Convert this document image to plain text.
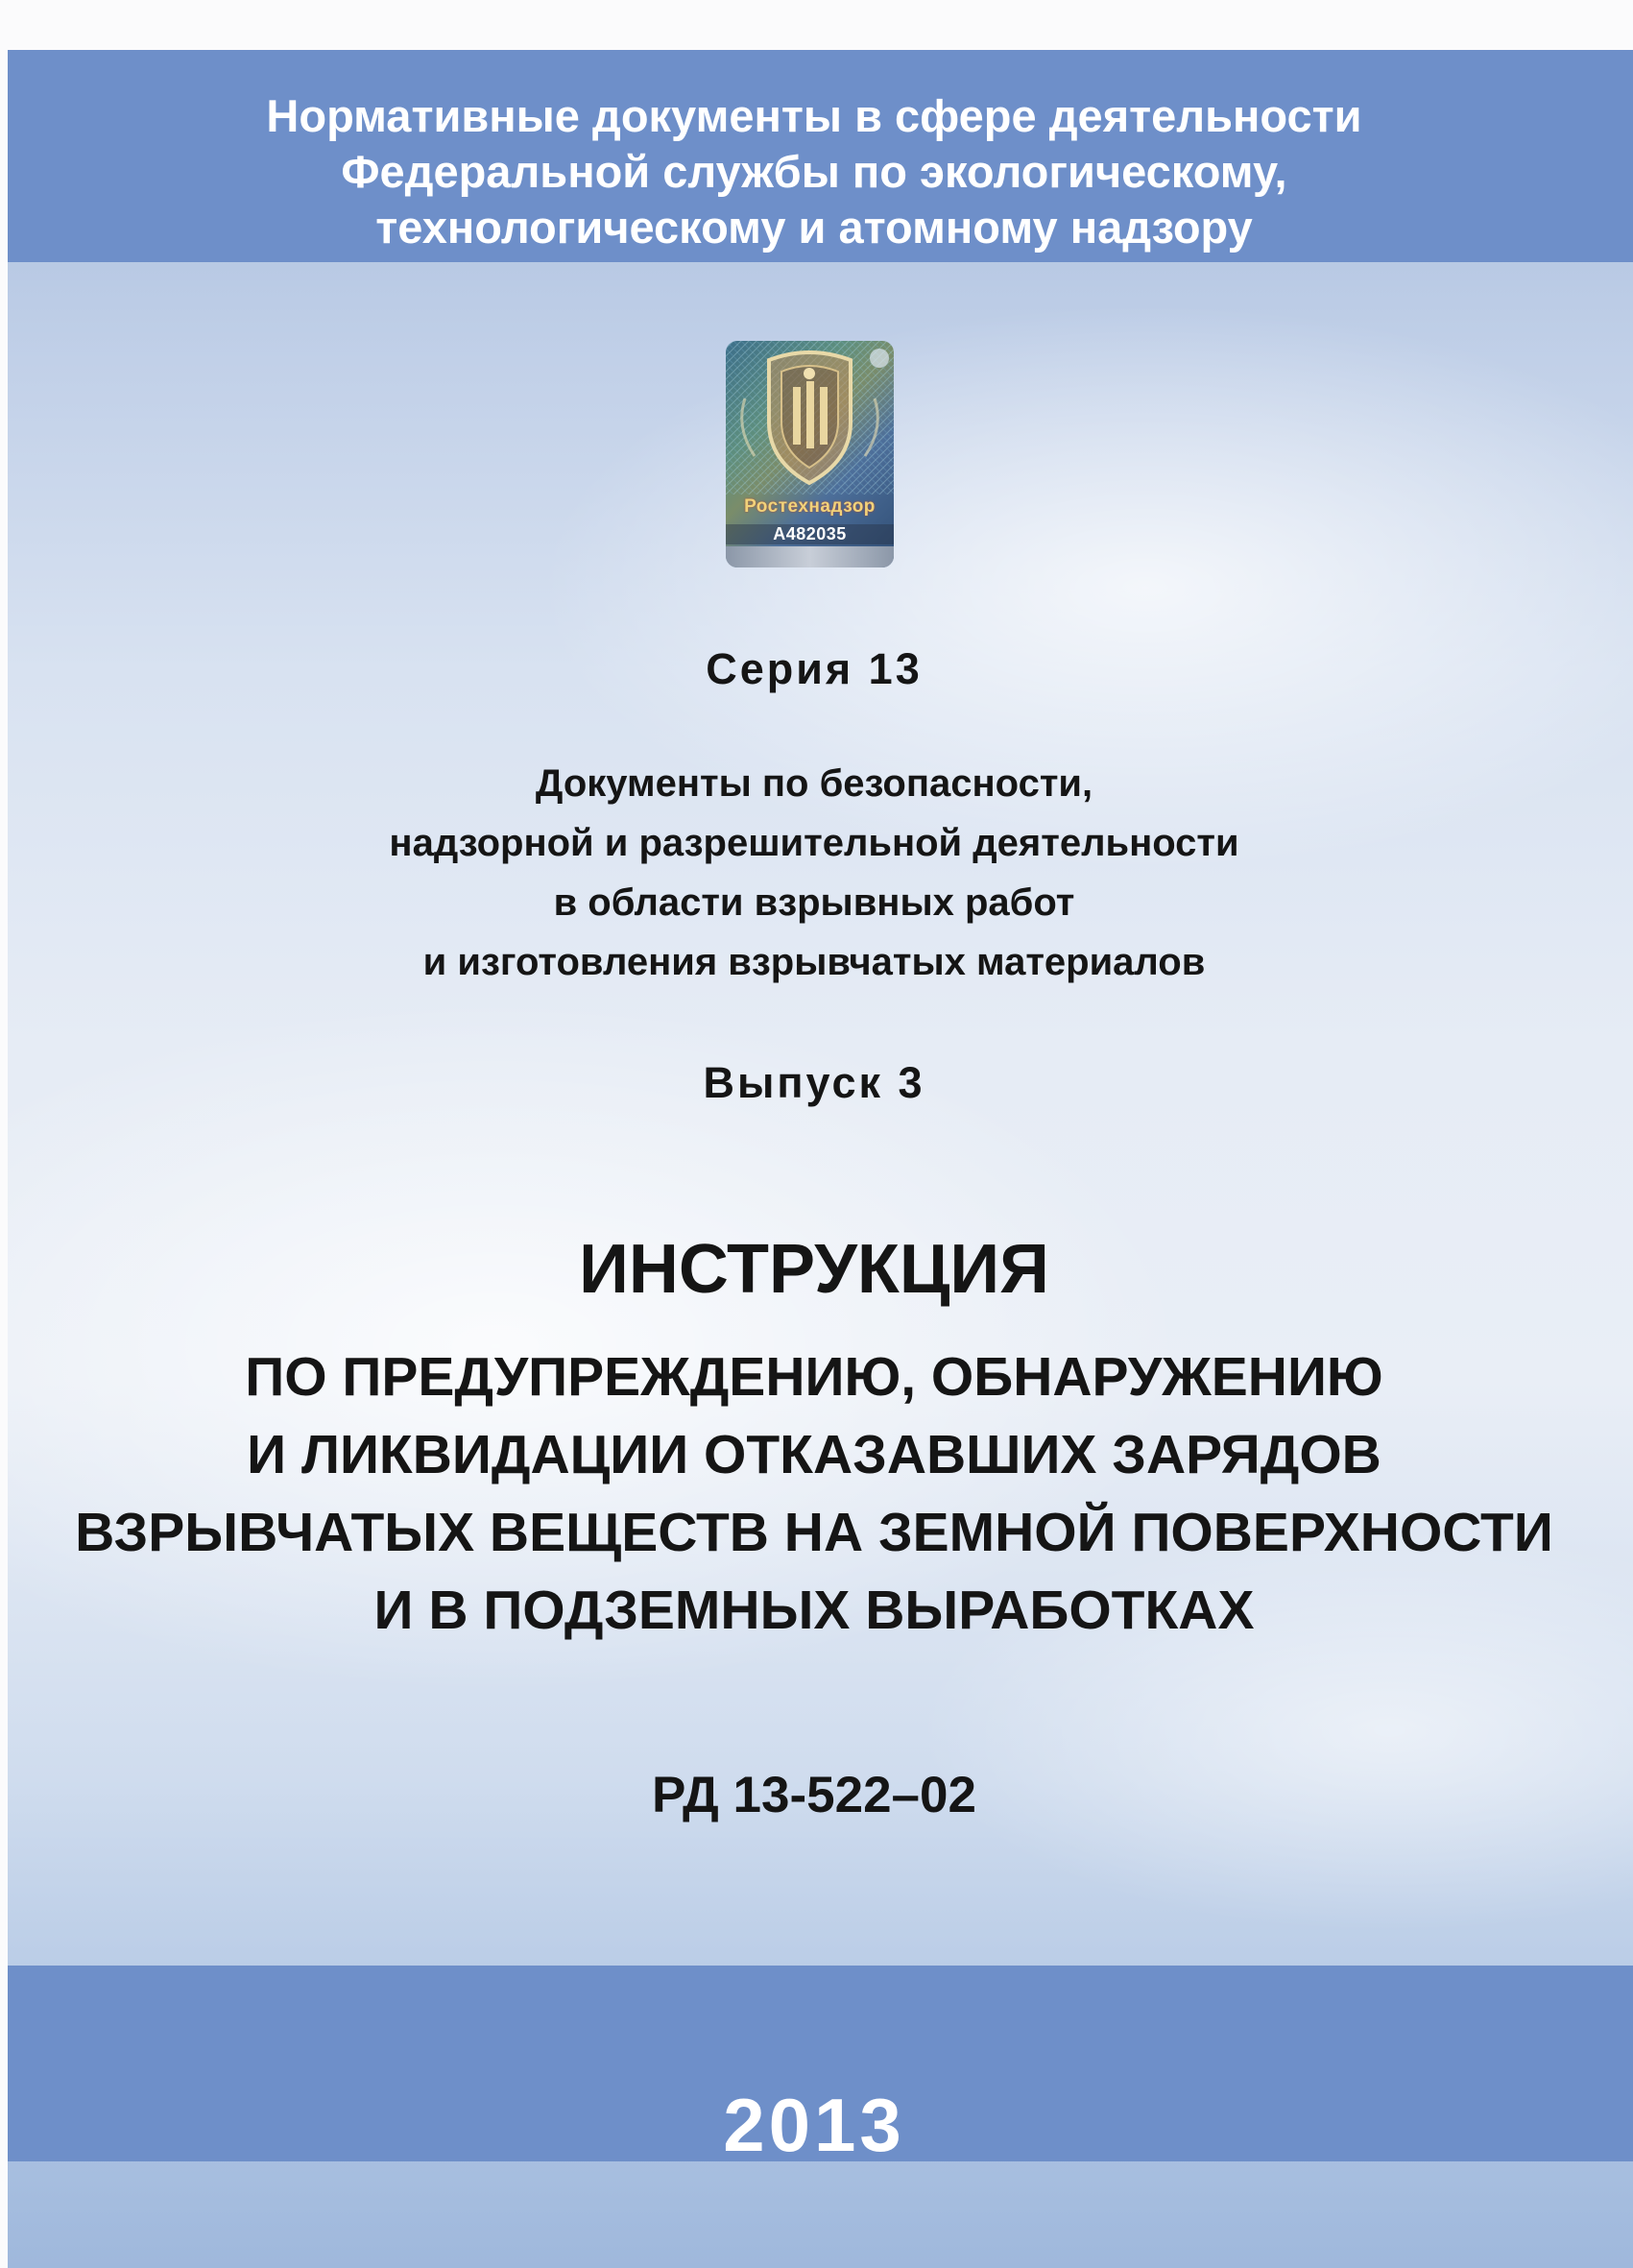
Нормативные документы в сфере деятельности
Федеральной службы по экологическому,
технологическому и атомному надзору
Ростехнадзор
А482035
Серия 13
Документы по безопасности,
надзорной и разрешительной деятельности
в области взрывных работ
и изготовления взрывчатых материалов
Выпуск 3
ИНСТРУКЦИЯ
ПО ПРЕДУПРЕЖДЕНИЮ, ОБНАРУЖЕНИЮ
И ЛИКВИДАЦИИ ОТКАЗАВШИХ ЗАРЯДОВ
ВЗРЫВЧАТЫХ ВЕЩЕСТВ НА ЗЕМНОЙ ПОВЕРХНОСТИ
И В ПОДЗЕМНЫХ ВЫРАБОТКАХ
РД 13-522–02
2013
